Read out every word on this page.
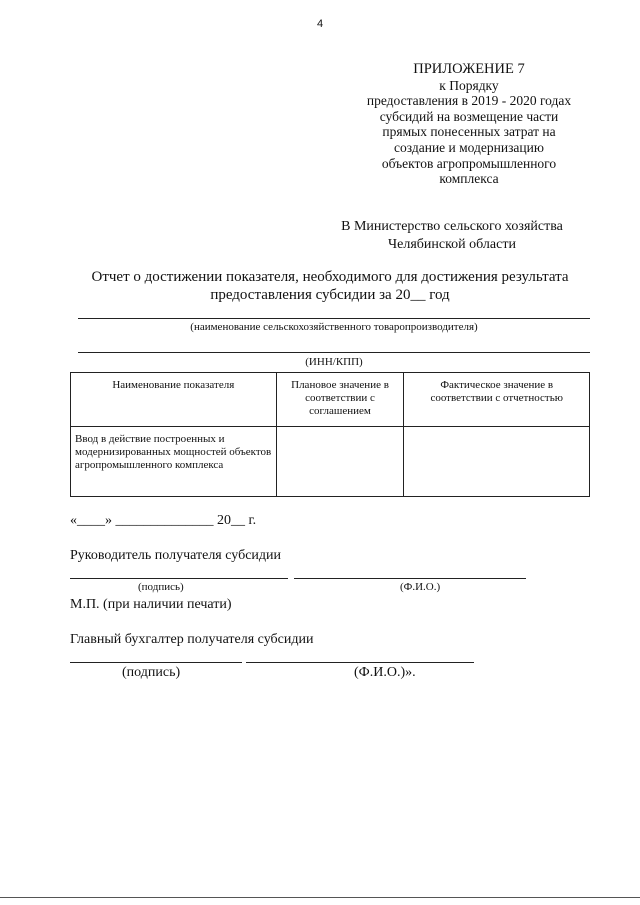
4
ПРИЛОЖЕНИЕ 7
к Порядку
предоставления в 2019 - 2020 годах
субсидий на возмещение части
прямых понесенных затрат на
создание и модернизацию
объектов агропромышленного
комплекса
В Министерство сельского хозяйства
Челябинской области
Отчет о достижении показателя, необходимого для достижения результата
предоставления субсидии за 20__ год
(наименование сельскохозяйственного товаропроизводителя)
(ИНН/КПП)
Наименование показателя	Плановое значение в соответствии с соглашением	Фактическое значение в соответствии с отчетностью
Ввод в действие построенных и модернизированных мощностей объектов агропромышленного комплекса		
«____» ______________ 20__ г.
Руководитель получателя субсидии
(подпись)	(Ф.И.О.)
М.П. (при наличии печати)
Главный бухгалтер получателя субсидии
(подпись)	(Ф.И.О.)».
